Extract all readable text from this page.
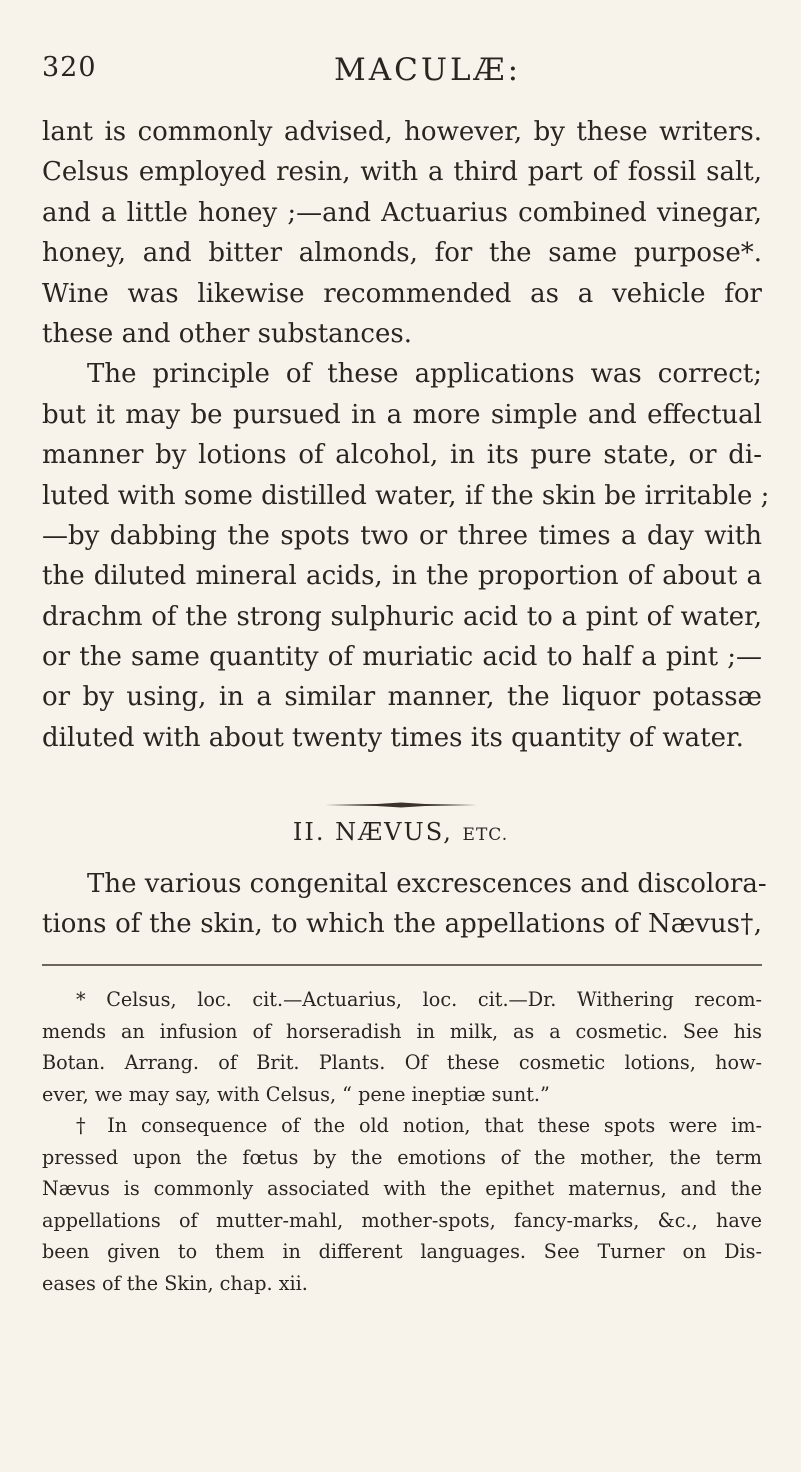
320	MACULÆ:
lant is commonly advised, however, by these writers.
Celsus employed resin, with a third part of fossil salt,
and a little honey ;—and Actuarius combined vinegar,
honey, and bitter almonds, for the same purpose*.
Wine was likewise recommended as a vehicle for
these and other substances.
The principle of these applications was correct;
but it may be pursued in a more simple and effectual
manner by lotions of alcohol, in its pure state, or di-
luted with some distilled water, if the skin be irritable ;
—by dabbing the spots two or three times a day with
the diluted mineral acids, in the proportion of about a
drachm of the strong sulphuric acid to a pint of water,
or the same quantity of muriatic acid to half a pint ;—
or by using, in a similar manner, the liquor potassæ
diluted with about twenty times its quantity of water.
II. NÆVUS, ETC.
The various congenital excrescences and discolora-
tions of the skin, to which the appellations of Nævus†,
* Celsus, loc. cit.—Actuarius, loc. cit.—Dr. Withering recom-
mends an infusion of horseradish in milk, as a cosmetic. See his
Botan. Arrang. of Brit. Plants. Of these cosmetic lotions, how-
ever, we may say, with Celsus, “ pene ineptiæ sunt.”
† In consequence of the old notion, that these spots were im-
pressed upon the fœtus by the emotions of the mother, the term
Nævus is commonly associated with the epithet maternus, and the
appellations of mutter-mahl, mother-spots, fancy-marks, &c., have
been given to them in different languages. See Turner on Dis-
eases of the Skin, chap. xii.
